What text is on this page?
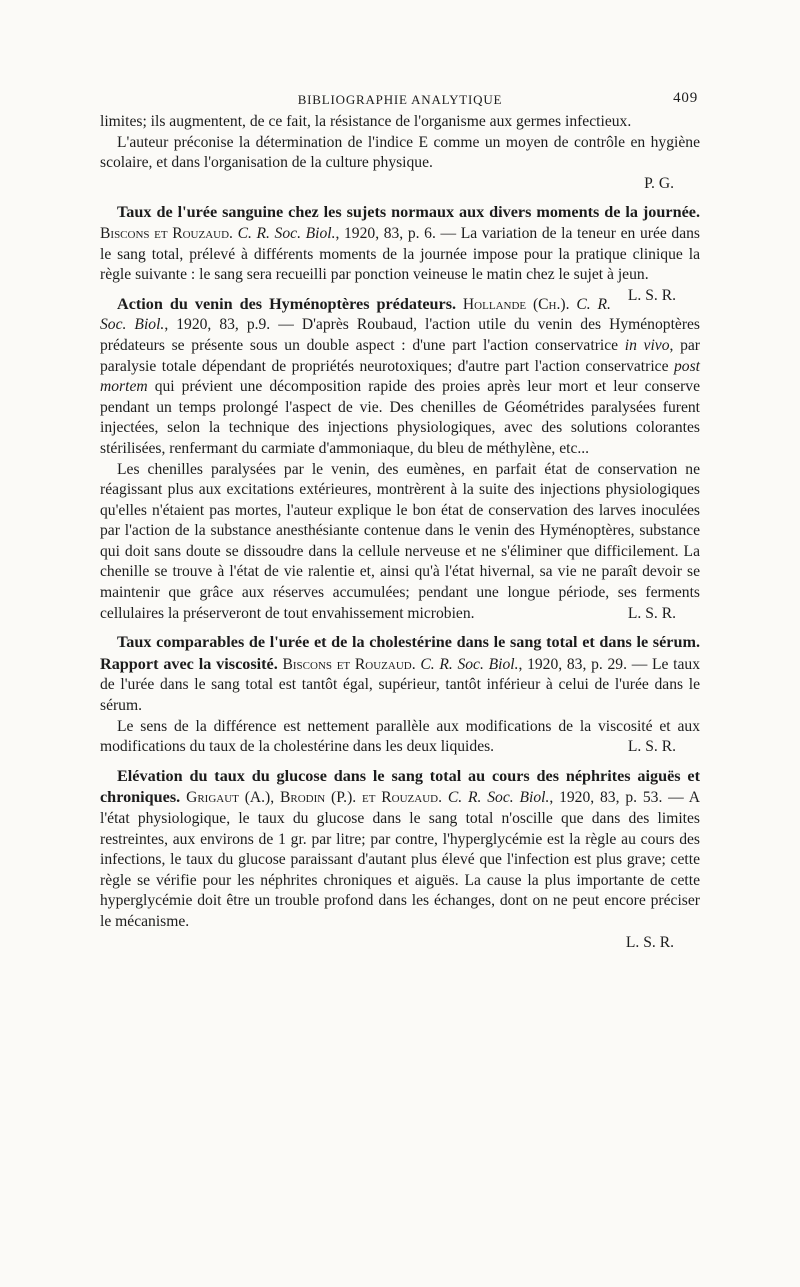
BIBLIOGRAPHIE ANALYTIQUE	409

limites; ils augmentent, de ce fait, la résistance de l'organisme aux germes infectieux.

L'auteur préconise la détermination de l'indice E comme un moyen de contrôle en hygiène scolaire, et dans l'organisation de la culture physique.

P. G.

Taux de l'urée sanguine chez les sujets normaux aux divers moments de la journée. Biscons et Rouzaud. C. R. Soc. Biol., 1920, 83, p. 6. — La variation de la teneur en urée dans le sang total, prélevé à différents moments de la journée impose pour la pratique clinique la règle suivante : le sang sera recueilli par ponction veineuse le matin chez le sujet à jeun.
L. S. R.

Action du venin des Hyménoptères prédateurs. Hollande (Ch.). C. R. Soc. Biol., 1920, 83, p.9. — D'après Roubaud, l'action utile du venin des Hyménoptères prédateurs se présente sous un double aspect : d'une part l'action conservatrice in vivo, par paralysie totale dépendant de propriétés neurotoxiques; d'autre part l'action conservatrice post mortem qui prévient une décomposition rapide des proies après leur mort et leur conserve pendant un temps prolongé l'aspect de vie. Des chenilles de Géométrides paralysées furent injectées, selon la technique des injections physiologiques, avec des solutions colorantes stérilisées, renfermant du carmiate d'ammoniaque, du bleu de méthylène, etc...

Les chenilles paralysées par le venin, des eumènes, en parfait état de conservation ne réagissant plus aux excitations extérieures, montrèrent à la suite des injections physiologiques qu'elles n'étaient pas mortes, l'auteur explique le bon état de conservation des larves inoculées par l'action de la substance anesthésiante contenue dans le venin des Hyménoptères, substance qui doit sans doute se dissoudre dans la cellule nerveuse et ne s'éliminer que difficilement. La chenille se trouve à l'état de vie ralentie et, ainsi qu'à l'état hivernal, sa vie ne paraît devoir se maintenir que grâce aux réserves accumulées; pendant une longue période, ses ferments cellulaires la préserveront de tout envahissement microbien.	L. S. R.

Taux comparables de l'urée et de la cholestérine dans le sang total et dans le sérum. Rapport avec la viscosité. Biscons et Rouzaud. C. R. Soc. Biol., 1920, 83, p. 29. — Le taux de l'urée dans le sang total est tantôt égal, supérieur, tantôt inférieur à celui de l'urée dans le sérum.

Le sens de la différence est nettement parallèle aux modifications de la viscosité et aux modifications du taux de la cholestérine dans les deux liquides.	L. S. R.

Elévation du taux du glucose dans le sang total au cours des néphrites aiguës et chroniques. Grigaut (A.), Brodin (P.). et Rouzaud. C. R. Soc. Biol., 1920, 83, p. 53. — A l'état physiologique, le taux du glucose dans le sang total n'oscille que dans des limites restreintes, aux environs de 1 gr. par litre; par contre, l'hyperglycémie est la règle au cours des infections, le taux du glucose paraissant d'autant plus élevé que l'infection est plus grave; cette règle se vérifie pour les néphrites chroniques et aiguës. La cause la plus importante de cette hyperglycémie doit être un trouble profond dans les échanges, dont on ne peut encore préciser le mécanisme.

L. S. R.
